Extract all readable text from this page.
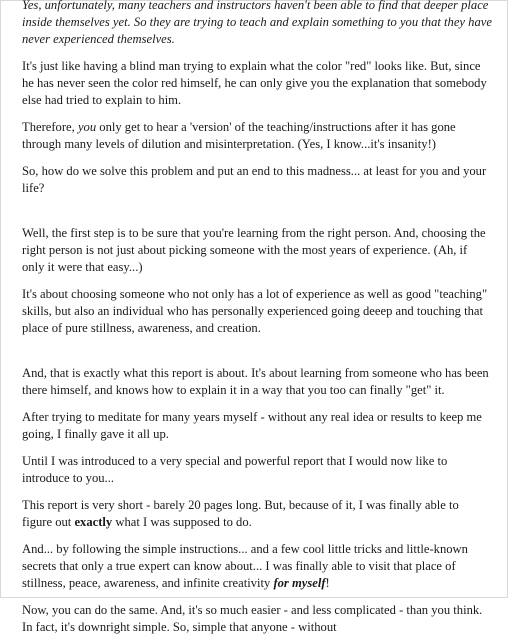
Yes, unfortunately, many teachers and instructors haven't been able to find that deeper place inside themselves yet. So they are trying to teach and explain something to you that they have never experienced themselves.

It's just like having a blind man trying to explain what the color "red" looks like. But, since he has never seen the color red himself, he can only give you the explanation that somebody else had tried to explain to him.

Therefore, you only get to hear a 'version' of the teaching/instructions after it has gone through many levels of dilution and misinterpretation. (Yes, I know...it's insanity!)

So, how do we solve this problem and put an end to this madness... at least for you and your life?

Well, the first step is to be sure that you're learning from the right person. And, choosing the right person is not just about picking someone with the most years of experience. (Ah, if only it were that easy...)

It's about choosing someone who not only has a lot of experience as well as good "teaching" skills, but also an individual who has personally experienced going deeep and touching that place of pure stillness, awareness, and creation.

And, that is exactly what this report is about. It's about learning from someone who has been there himself, and knows how to explain it in a way that you too can finally "get" it.

After trying to meditate for many years myself - without any real idea or results to keep me going, I finally gave it all up.

Until I was introduced to a very special and powerful report that I would now like to introduce to you...

This report is very short - barely 20 pages long. But, because of it, I was finally able to figure out exactly what I was supposed to do.

And... by following the simple instructions... and a few cool little tricks and little-known secrets that only a true expert can know about... I was finally able to visit that place of stillness, peace, awareness, and infinite creativity for myself!

Now, you can do the same. And, it's so much easier - and less complicated - than you think. In fact, it's downright simple. So, simple that anyone - without
